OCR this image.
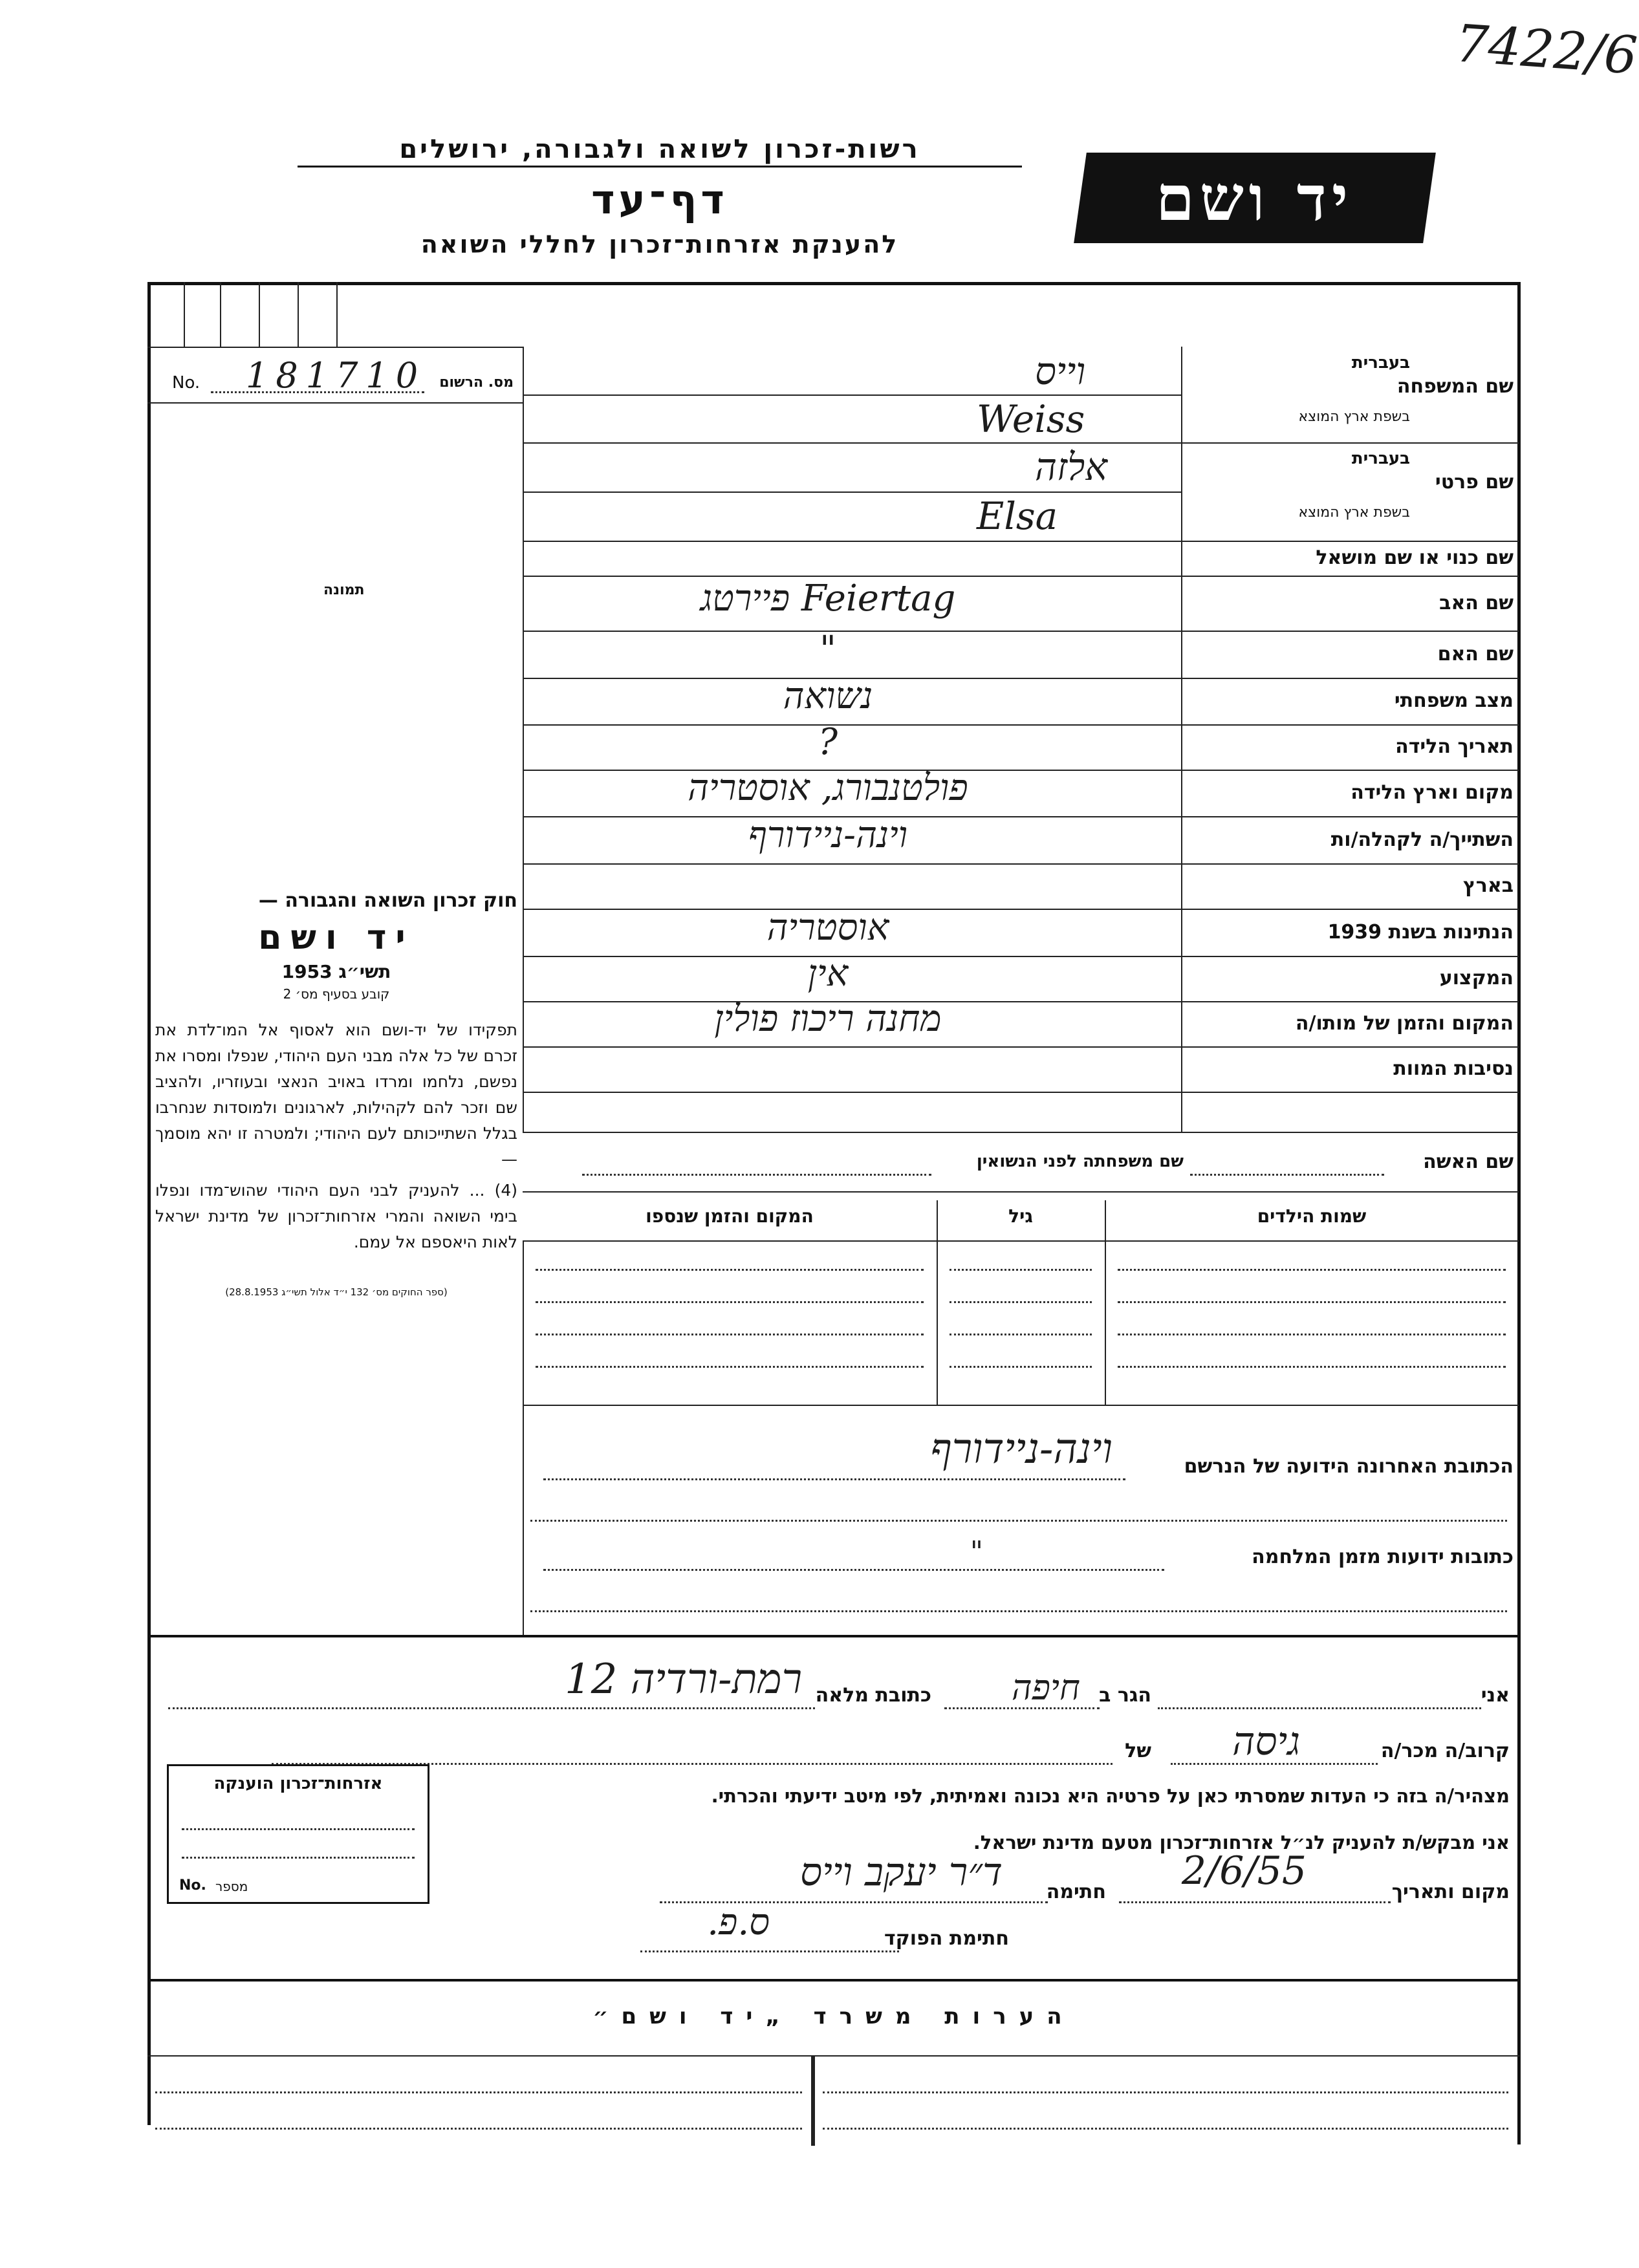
7422/6
רשות-זכרון לשואה ולגבורה, ירושלים
דף־עד
להענקת אזרחות־זכרון לחללי השואה
יד ושם
No. 181710 מס. הרשום
תמונה
חוק זכרון השואה והגבורה —
יד ושם
תשי״ג 1953
קובע בסעיף מס׳ 2
תפקידו של יד-ושם הוא לאסוף אל המו־לדת את זכרם של כל אלה מבני העם היהודי, שנפלו ומסרו את נפשם, נלחמו ומרדו באויב הנאצי ובעוזריו, ולהציב שם וזכר להם לקהילות, לארגונים ולמוסדות שנחרבו בגלל השתייכותם לעם היהודי; ולמטרה זו יהא מוסמך —
(4) ... להעניק לבני העם היהודי שהוש־מדו ונפלו בימי השואה והמרי אזרחות־זכרון של מדינת ישראל לאות היאספם אל עמם.
(ספר החוקים מס׳ 132 י״ד אלול תשי״ג 28.8.1953)
שם המשפחה
בעברית
בשפת ארץ המוצא
וייס
Weiss
שם פרטי
בעברית
בשפת ארץ המוצא
אלזה
Elsa
שם כנוי או שם מושאל
שם האב
Feiertag פיירטג
שם האם
"
מצב משפחתי
נשואה
תאריך הלידה
?
מקום וארץ הלידה
פולטנבורג, אוסטריה
השתייך/ה לקהלה/ות
וינה-ניידורף
בארץ
הנתינות בשנת 1939
אוסטריה
המקצוע
אין
המקום והזמן של מותו/ה
מחנה ריכוז פולין
נסיבות המוות
שם האשה
שם משפחתה לפני הנשואין
שמות הילדים
גיל
המקום והזמן שנספו
הכתובת האחרונה הידועה של הנרשם
וינה-ניידורף
כתובות ידועות מזמן המלחמה
"
אני
הגר ב
חיפה
כתובת מלאה
רמת-ורדיה 12
קרוב/ה מכר/ה
גיסה
של
מצהיר/ה בזה כי העדות שמסרתי כאן על פרטיה היא נכונה ואמיתית, לפי מיטב ידיעתי והכרתי.
אני מבקש/ת להעניק לנ״ל אזרחות־זכרון מטעם מדינת ישראל.
מקום ותאריך
2/6/55
חתימה
ד״ר יעקב וייס
חתימת הפוקד
ס.פ.
אזרחות־זכרון הוענקה
No. מספר
הערות משרד „יד ושם״
